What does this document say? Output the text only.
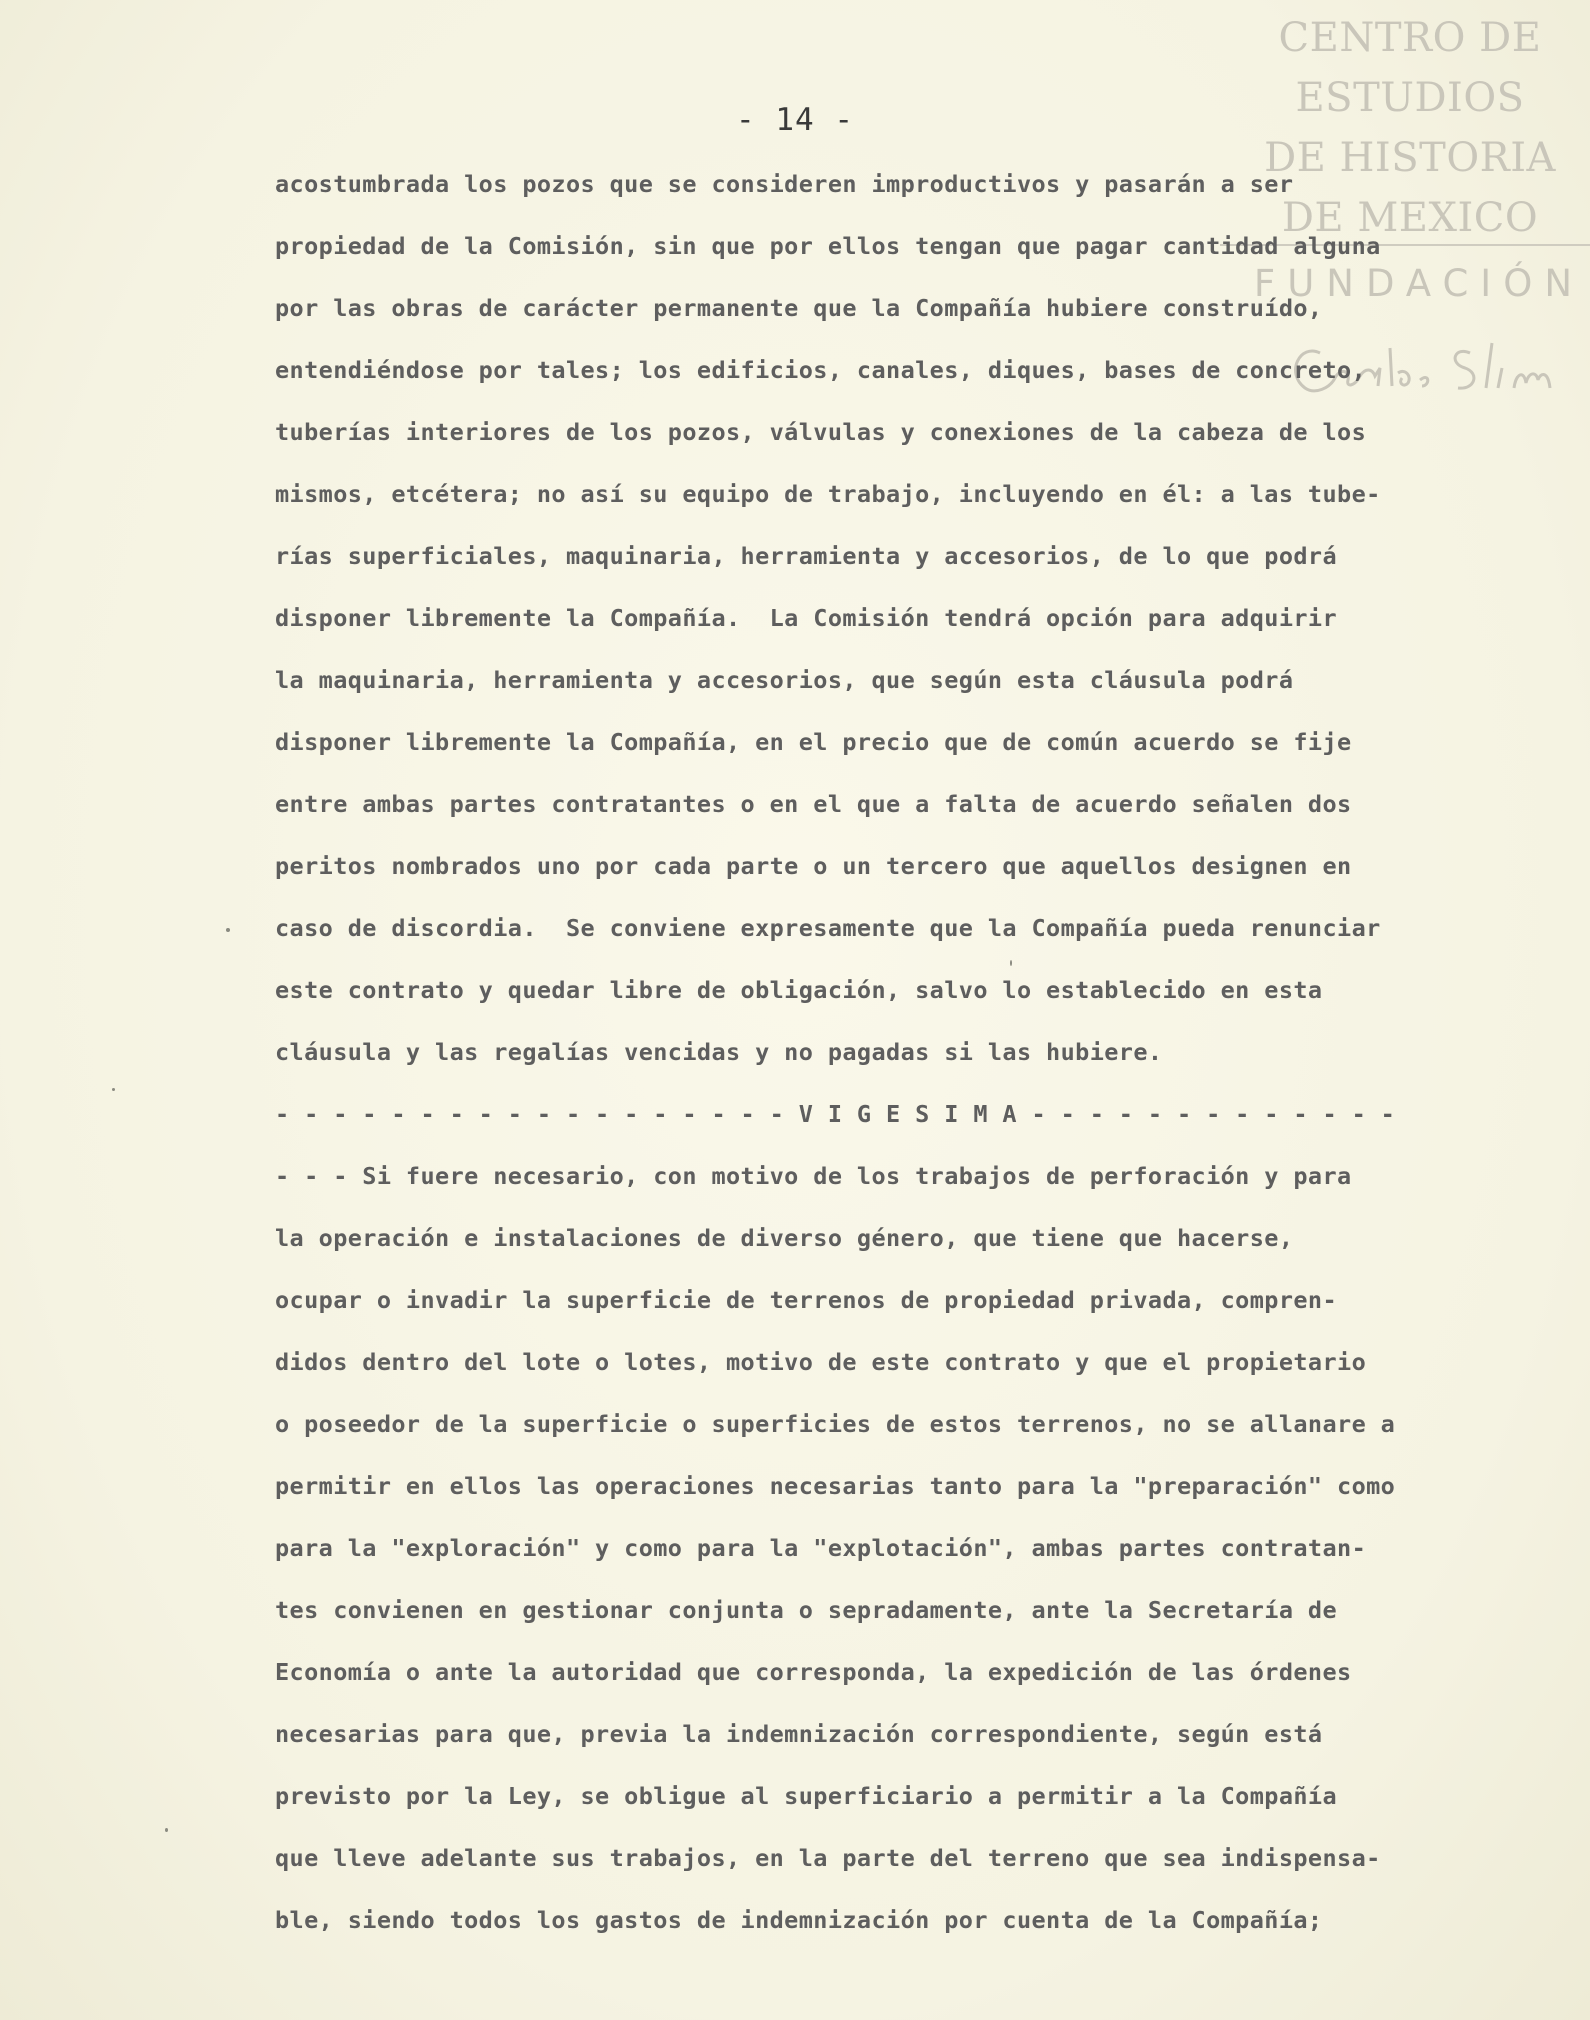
CENTRO DE
ESTUDIOS
DE HISTORIA
DE MEXICO
FUNDACIÓN
- 14 -
acostumbrada los pozos que se consideren improductivos y pasarán a ser
propiedad de la Comisión, sin que por ellos tengan que pagar cantidad alguna
por las obras de carácter permanente que la Compañía hubiere construído,
entendiéndose por tales; los edificios, canales, diques, bases de concreto,
tuberías interiores de los pozos, válvulas y conexiones de la cabeza de los
mismos, etcétera; no así su equipo de trabajo, incluyendo en él: a las tube-
rías superficiales, maquinaria, herramienta y accesorios, de lo que podrá
disponer libremente la Compañía.  La Comisión tendrá opción para adquirir
la maquinaria, herramienta y accesorios, que según esta cláusula podrá
disponer libremente la Compañía, en el precio que de común acuerdo se fije
entre ambas partes contratantes o en el que a falta de acuerdo señalen dos
peritos nombrados uno por cada parte o un tercero que aquellos designen en
caso de discordia.  Se conviene expresamente que la Compañía pueda renunciar
este contrato y quedar libre de obligación, salvo lo establecido en esta
cláusula y las regalías vencidas y no pagadas si las hubiere.
- - - - - - - - - - - - - - - - - - V I G E S I M A - - - - - - - - - - - - -
- - - Si fuere necesario, con motivo de los trabajos de perforación y para
la operación e instalaciones de diverso género, que tiene que hacerse,
ocupar o invadir la superficie de terrenos de propiedad privada, compren-
didos dentro del lote o lotes, motivo de este contrato y que el propietario
o poseedor de la superficie o superficies de estos terrenos, no se allanare a
permitir en ellos las operaciones necesarias tanto para la "preparación" como
para la "exploración" y como para la "explotación", ambas partes contratan-
tes convienen en gestionar conjunta o sepradamente, ante la Secretaría de
Economía o ante la autoridad que corresponda, la expedición de las órdenes
necesarias para que, previa la indemnización correspondiente, según está
previsto por la Ley, se obligue al superficiario a permitir a la Compañía
que lleve adelante sus trabajos, en la parte del terreno que sea indispensa-
ble, siendo todos los gastos de indemnización por cuenta de la Compañía;
